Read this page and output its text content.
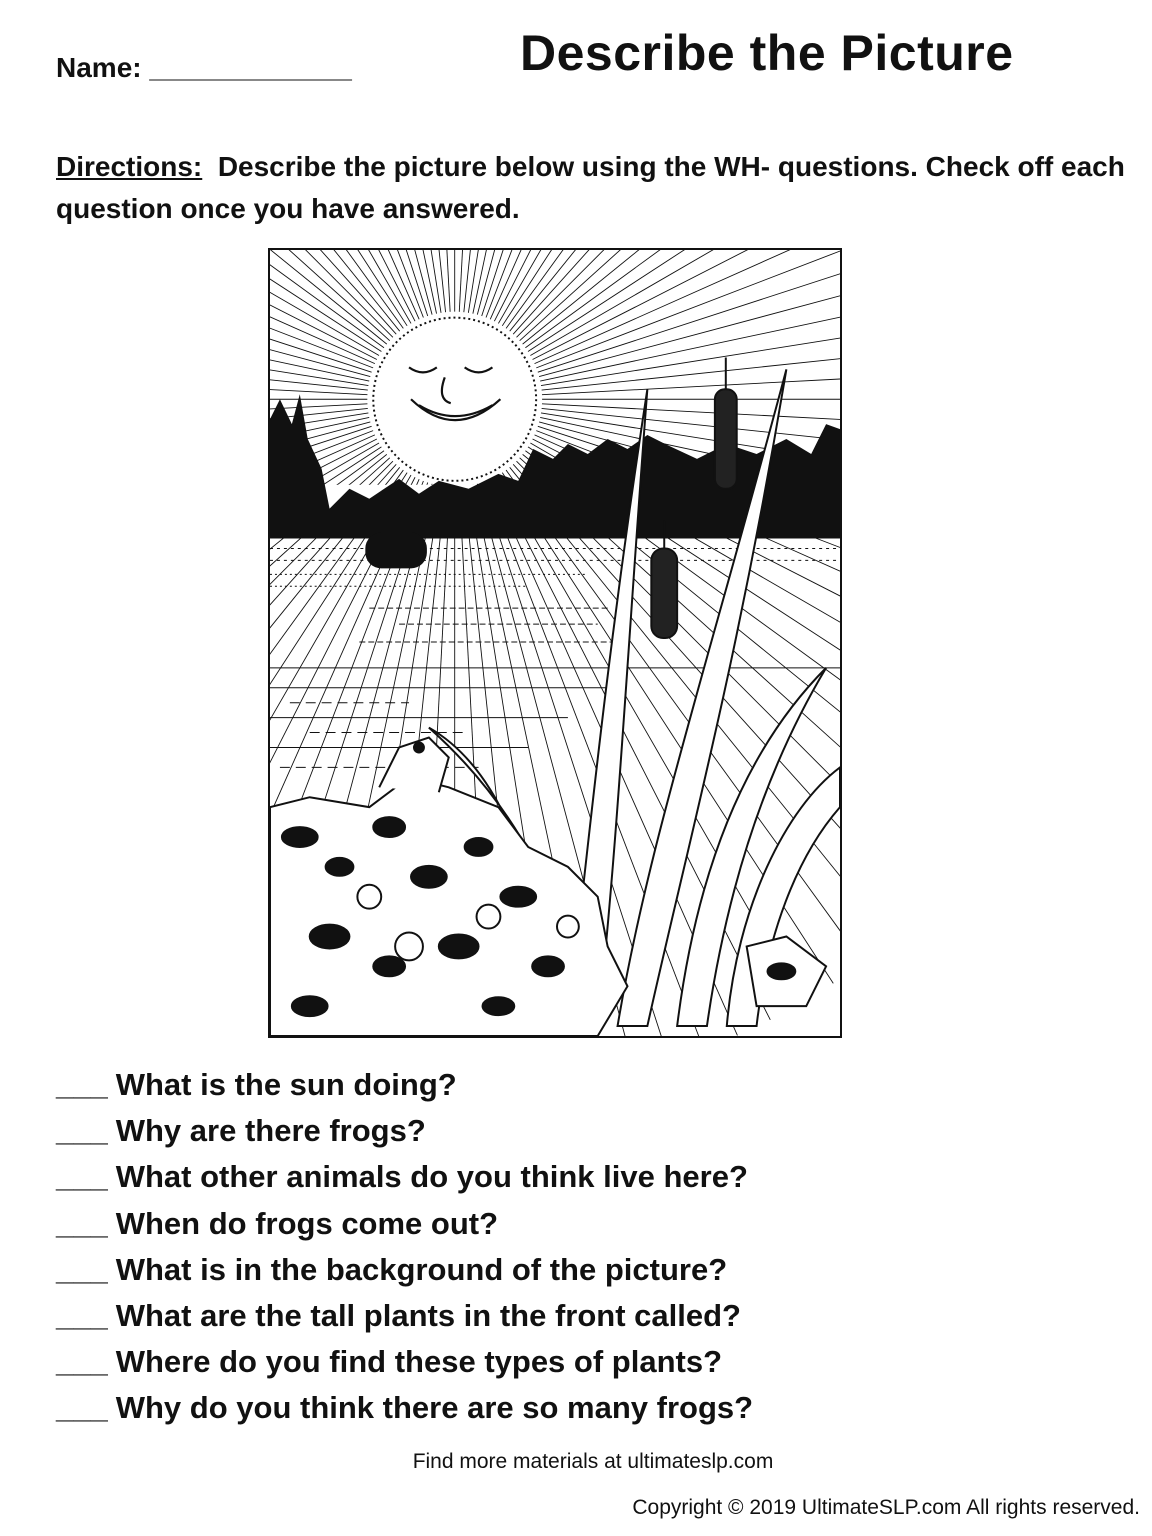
Name: _____________	Describe the Picture
Directions: Describe the picture below using the WH- questions. Check off each question once you have answered.
___ What is the sun doing?
___ Why are there frogs?
___ What other animals do you think live here?
___ When do frogs come out?
___ What is in the background of the picture?
___ What are the tall plants in the front called?
___ Where do you find these types of plants?
___ Why do you think there are so many frogs?
Find more materials at ultimateslp.com
Copyright © 2019 UltimateSLP.com All rights reserved.
